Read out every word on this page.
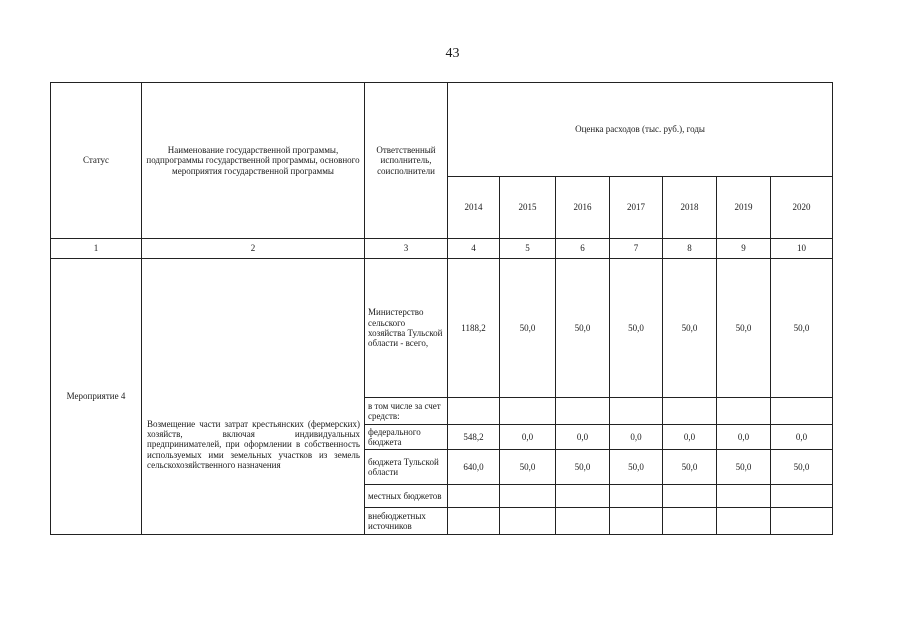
43
Статус	Наименование государственной программы, подпрограммы государственной программы, основного мероприятия государственной программы	Ответственный исполнитель, соисполнители	Оценка расходов (тыс. руб.), годы						
			2014	2015	2016	2017	2018	2019	2020
1	2	3	4	5	6	7	8	9	10
Мероприятие 4	Возмещение части затрат крестьянских (фермерских) хозяйств, включая индивидуальных предпринимателей, при оформлении в собственность используемых ими земельных участков из земель сельскохозяйственного назначения	Министерство сельского хозяйства Тульской области - всего,	1188,2	50,0	50,0	50,0	50,0	50,0	50,0
		в том числе за счет средств:							
		федерального бюджета	548,2	0,0	0,0	0,0	0,0	0,0	0,0
		бюджета Тульской области	640,0	50,0	50,0	50,0	50,0	50,0	50,0
		местных бюджетов							
		внебюджетных источников							
